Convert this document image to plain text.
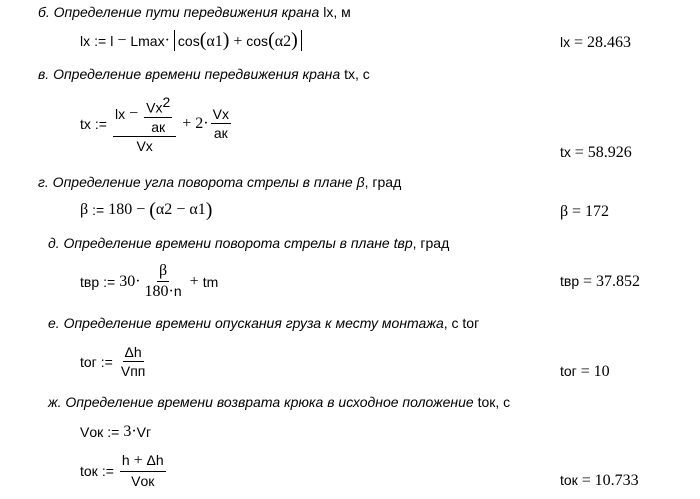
б. Определение пути передвижения крана lx, м
lx := l − Lmax · cos(α1) + cos(α2)	lx = 28.463
в. Определение времени передвижения крана tx, с
tx := $\frac{lx - \frac{Vx^2}{ак}}{Vx} + 2 \cdot \frac{Vx}{ак}$
tx = 58.926
г. Определение угла поворота стрелы в плане β, град
β := 180 − ( α2 − α1 )	β = 172
д. Определение времени поворота стрелы в плане tвр, град
tвр := $30 \cdot \frac{\beta}{180\cdot n}$ + tm	tвр = 37.852
е. Определение времени опускания груза к месту монтажа, с tог
tог := $\frac{\Delta h}{\text{Vпп}}$	tог = 10
ж. Определение времени возврата крюка в исходное положение tок, с
Vок := 3 · Vг
tок := $\frac{h + \Delta h}{\text{Vок}}$	tок = 10.733
